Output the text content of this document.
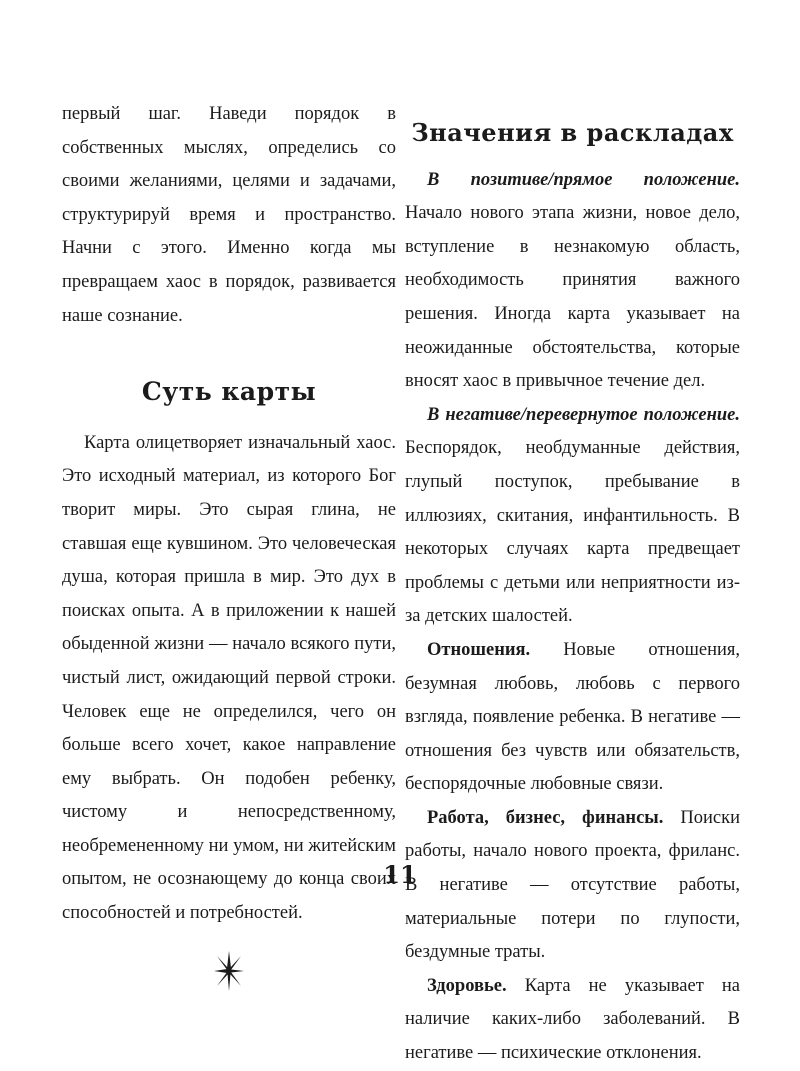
первый шаг. Наведи порядок в собственных мыслях, определись со своими желаниями, целями и задачами, структурируй время и пространство. Начни с этого. Именно когда мы превращаем хаос в порядок, развивается наше сознание.

Суть карты

Карта олицетворяет изначальный хаос. Это исходный материал, из которого Бог творит миры. Это сырая глина, не ставшая еще кувшином. Это человеческая душа, которая пришла в мир. Это дух в поисках опыта. А в приложении к нашей обыденной жизни — начало всякого пути, чистый лист, ожидающий первой строки. Человек еще не определился, чего он больше всего хочет, какое направление ему выбрать. Он подобен ребенку, чистому и непосредственному, необремененному ни умом, ни житейским опытом, не осознающему до конца своих способностей и потребностей.

Значения в раскладах

В позитиве/прямое положение. Начало нового этапа жизни, новое дело, вступление в незнакомую область, необходимость принятия важного решения. Иногда карта указывает на неожиданные обстоятельства, которые вносят хаос в привычное течение дел.

В негативе/перевернутое положение. Беспорядок, необдуманные действия, глупый поступок, пребывание в иллюзиях, скитания, инфантильность. В некоторых случаях карта предвещает проблемы с детьми или неприятности из-за детских шалостей.

Отношения. Новые отношения, безумная любовь, любовь с первого взгляда, появление ребенка. В негативе — отношения без чувств или обязательств, беспорядочные любовные связи.

Работа, бизнес, финансы. Поиски работы, начало нового проекта, фриланс. В негативе — отсутствие работы, материальные потери по глупости, бездумные траты.

Здоровье. Карта не указывает на наличие каких-либо заболеваний. В негативе — психические отклонения.

11
